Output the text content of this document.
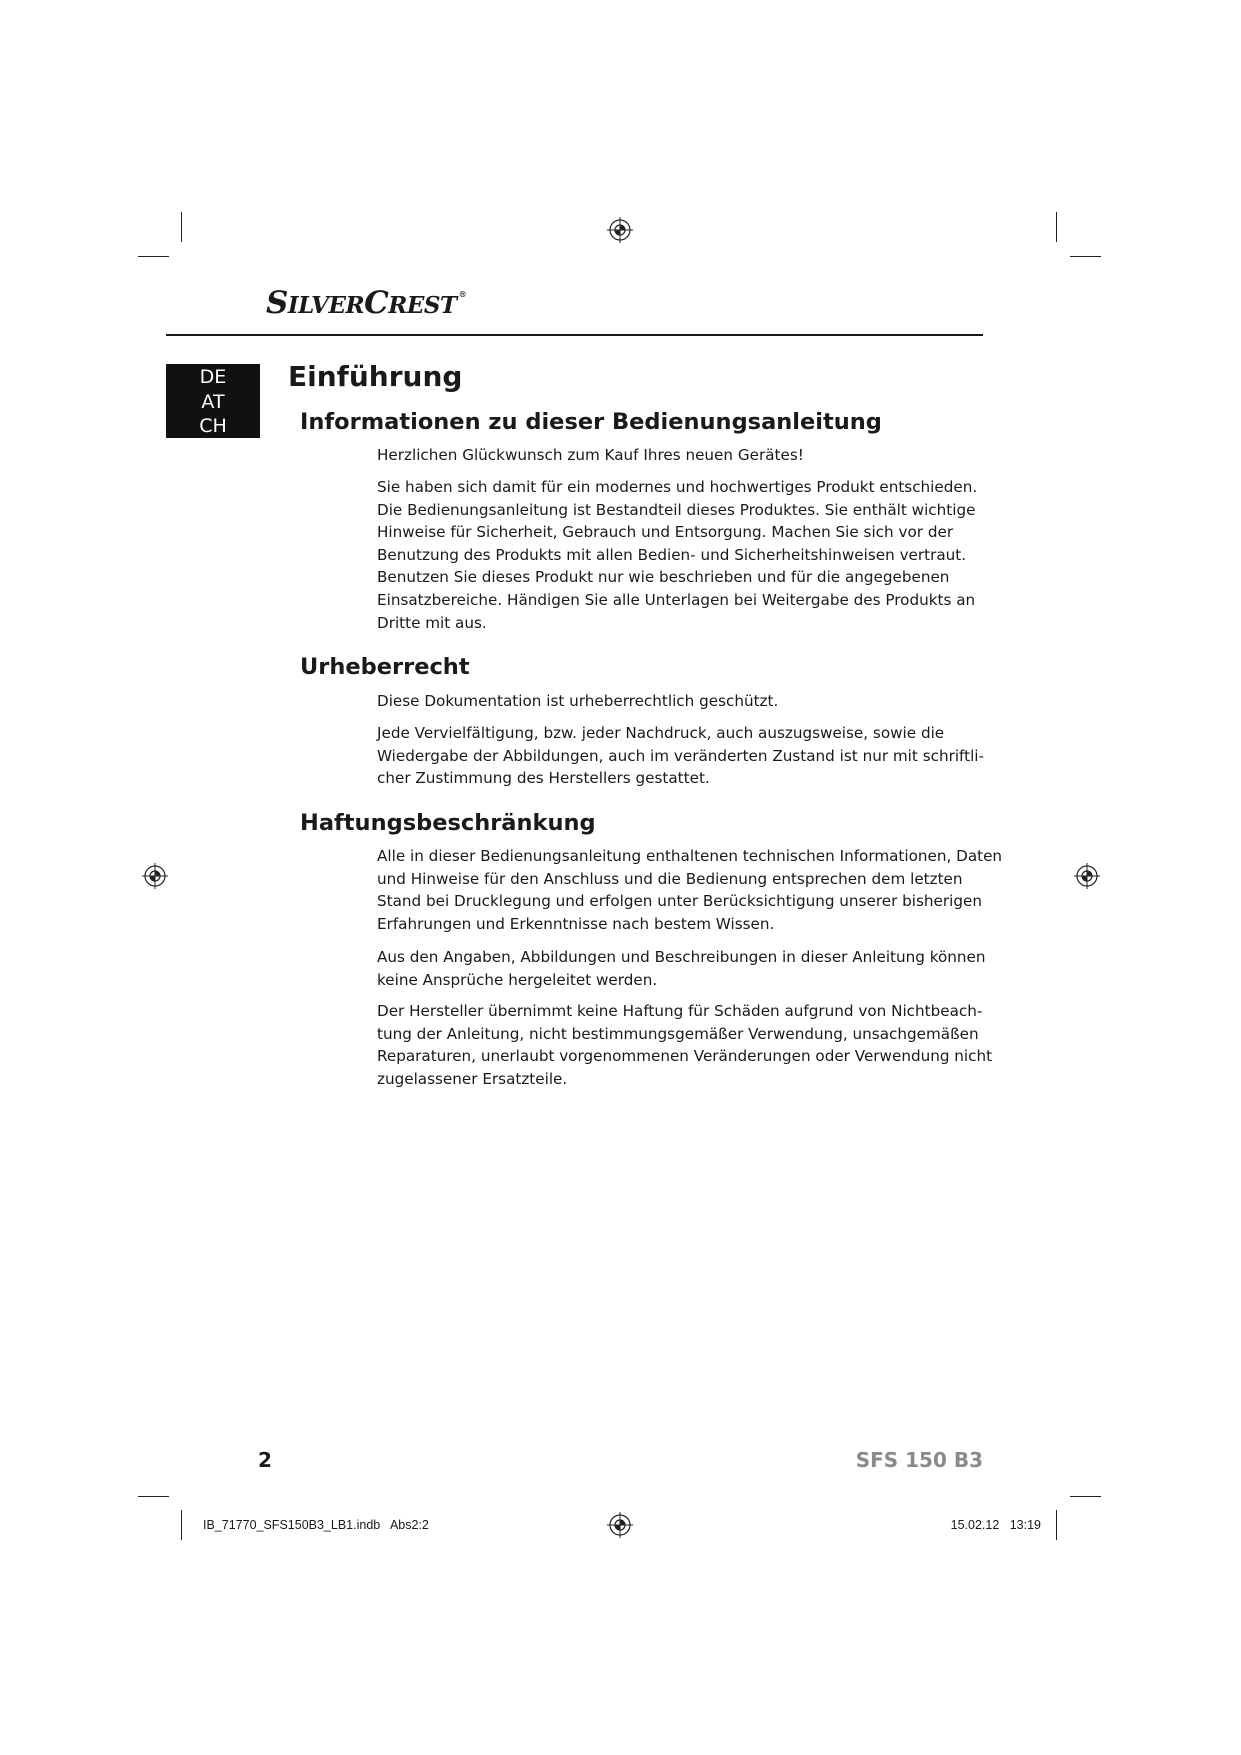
SILVERCREST ®
DE
AT
CH
Einführung
Informationen zu dieser Bedienungsanleitung
Herzlichen Glückwunsch zum Kauf Ihres neuen Gerätes!
Sie haben sich damit für ein modernes und hochwertiges Produkt entschieden.
Die Bedienungsanleitung ist Bestandteil dieses Produktes. Sie enthält wichtige
Hinweise für Sicherheit, Gebrauch und Entsorgung. Machen Sie sich vor der
Benutzung des Produkts mit allen Bedien- und Sicherheitshinweisen vertraut.
Benutzen Sie dieses Produkt nur wie beschrieben und für die angegebenen
Einsatzbereiche. Händigen Sie alle Unterlagen bei Weitergabe des Produkts an
Dritte mit aus.
Urheberrecht
Diese Dokumentation ist urheberrechtlich geschützt.
Jede Vervielfältigung, bzw. jeder Nachdruck, auch auszugsweise, sowie die
Wiedergabe der Abbildungen, auch im veränderten Zustand ist nur mit schriftli-
cher Zustimmung des Herstellers gestattet.
Haftungsbeschränkung
Alle in dieser Bedienungsanleitung enthaltenen technischen Informationen, Daten
und Hinweise für den Anschluss und die Bedienung entsprechen dem letzten
Stand bei Drucklegung und erfolgen unter Berücksichtigung unserer bisherigen
Erfahrungen und Erkenntnisse nach bestem Wissen.
Aus den Angaben, Abbildungen und Beschreibungen in dieser Anleitung können
keine Ansprüche hergeleitet werden.
Der Hersteller übernimmt keine Haftung für Schäden aufgrund von Nichtbeach-
tung der Anleitung, nicht bestimmungsgemäßer Verwendung, unsachgemäßen
Reparaturen, unerlaubt vorgenommenen Veränderungen oder Verwendung nicht
zugelassener Ersatzteile.
2	SFS 150 B3
IB_71770_SFS150B3_LB1.indb   Abs2:2	15.02.12   13:19
